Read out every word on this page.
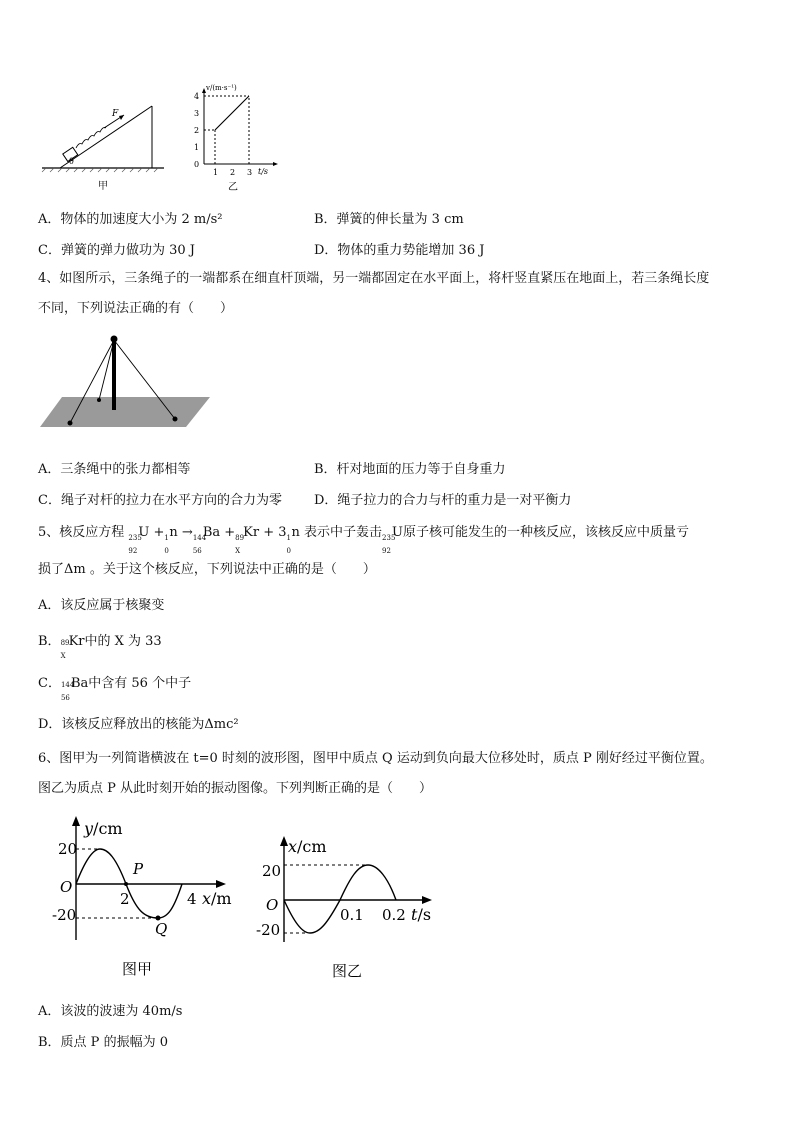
F
θ
甲
v/(m·s⁻¹)
t/s
0
1
2
3
4
1 2 3
乙
A．物体的加速度大小为 2 m/s²	B．弹簧的伸长量为 3 cm
C．弹簧的弹力做功为 30 J	D．物体的重力势能增加 36 J
4、如图所示，三条绳子的一端都系在细直杆顶端，另一端都固定在水平面上，将杆竖直紧压在地面上，若三条绳长度
不同，下列说法正确的有（　　）
A．三条绳中的张力都相等	B．杆对地面的压力等于自身重力
C．绳子对杆的拉力在水平方向的合力为零 D．绳子拉力的合力与杆的重力是一对平衡力
5、核反应方程 235
92
U + 1
0
n → 144
56
Ba + 89
X
Kr + 3 1
0
n 表示中子轰击 235
92
U原子核可能发生的一种核反应，该核反应中质量亏
损了Δm 。关于这个核反应，下列说法中正确的是（　　）
A．该反应属于核聚变
B． 89
X
Kr中的 X 为 33
C． 144
56
Ba中含有 56 个中子
D．该核反应释放出的核能为Δmc²
6、图甲为一列简谐横波在 t=0 时刻的波形图，图甲中质点 Q 运动到负向最大位移处时，质点 P 刚好经过平衡位置。
图乙为质点 P 从此时刻开始的振动图像。下列判断正确的是（　　）
y/cm
x/m
20
-20
O
2	4
P
Q
图甲
x/cm
t/s
20
-20
O
0.1 0.2
图乙
A．该波的波速为 40m/s
B．质点 P 的振幅为 0
